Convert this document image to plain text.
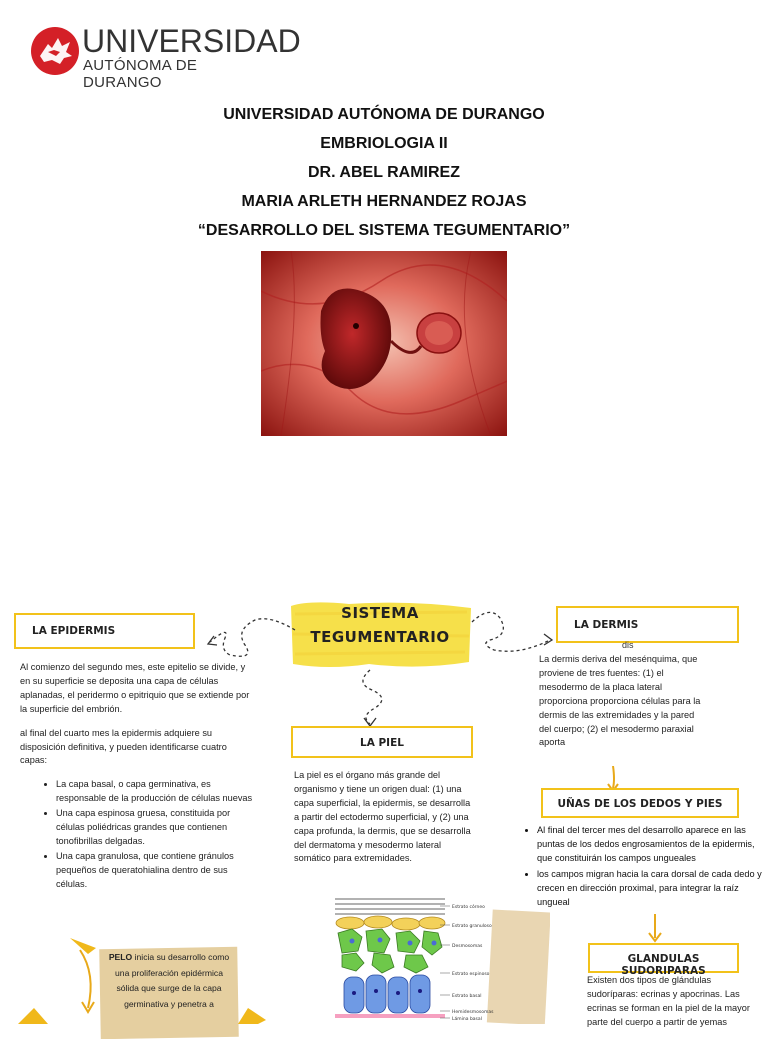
UNIVERSIDAD
AUTÓNOMA DE DURANGO
UNIVERSIDAD AUTÓNOMA DE DURANGO
EMBRIOLOGIA II
DR. ABEL RAMIREZ
MARIA ARLETH HERNANDEZ ROJAS
“DESARROLLO DEL SISTEMA TEGUMENTARIO”
SISTEMA
TEGUMENTARIO
LA EPIDERMIS

Al comienzo del segundo mes, este epitelio se divide, y en su superficie se deposita una capa de células aplanadas, el peridermo o epitriquio que se extiende por la superficie del embrión.

al final del cuarto mes la epidermis adquiere su disposición definitiva, y pueden identificarse cuatro capas:

• La capa basal, o capa germinativa, es responsable de la producción de células nuevas
• Una capa espinosa gruesa, constituida por células poliédricas grandes que contienen tonofibrillas delgadas.
• Una capa granulosa, que contiene gránulos pequeños de queratohialina dentro de sus células.
LA PIEL
La piel es el órgano más grande del organismo y tiene un origen dual: (1) una capa superficial, la epidermis, se desarrolla a partir del ectodermo superficial, y (2) una capa profunda, la dermis, que se desarrolla del dermatoma y mesodermo lateral somático para extremidades.
LA DERMIS
dis
La dermis deriva del mesénquima, que proviene de tres fuentes: (1) el mesodermo de la placa lateral proporciona proporciona células para la dermis de las extremidades y la pared del cuerpo; (2) el mesodermo paraxial aporta
UÑAS DE LOS DEDOS Y PIES
• Al final del tercer mes del desarrollo aparece en las puntas de los dedos engrosamientos de la epidermis, que constituirán los campos ungueales
• los campos migran hacia la cara dorsal de cada dedo y crecen en dirección proximal, para integrar la raíz ungueal
GLANDULAS SUDORIPARAS
Existen dos tipos de glándulas sudoríparas: ecrinas y apocrinas. Las ecrinas se forman en la piel de la mayor parte del cuerpo a partir de yemas
PELO inicia su desarrollo como una proliferación epidérmica sólida que surge de la capa germinativa y penetra a
Estrato córneo
Estrato granuloso
Desmosomas
Estrato espinoso
Estrato basal
Hemidesmosomas
Lámina basal
